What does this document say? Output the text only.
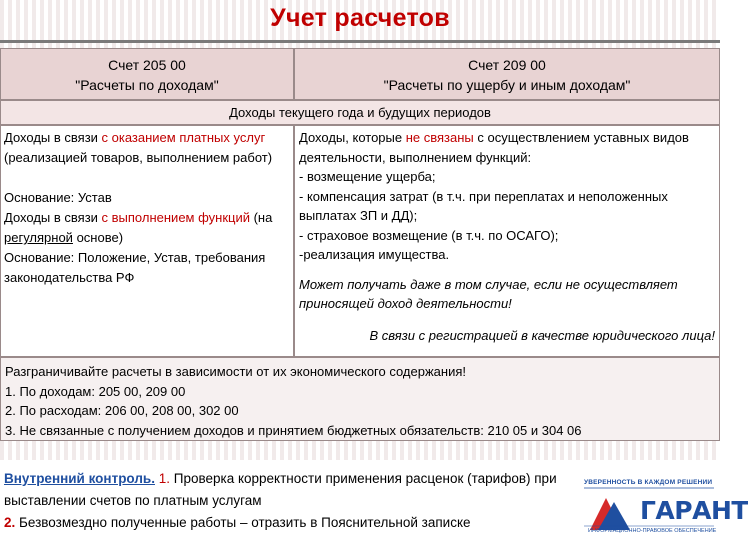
Учет расчетов
Счет 205 00
"Расчеты по доходам"
Счет 209 00
"Расчеты по ущербу и иным доходам"
Доходы текущего года и будущих периодов
Доходы в связи с оказанием платных услуг (реализацией товаров, выполнением работ)
Основание: Устав
Доходы в связи с выполнением функций (на регулярной основе)
Основание: Положение, Устав, требования законодательства РФ
Доходы, которые не связаны с осуществлением уставных видов деятельности, выполнением функций:
- возмещение ущерба;
- компенсация затрат (в т.ч. при переплатах и неположенных выплатах ЗП и ДД);
- страховое возмещение (в т.ч. по ОСАГО);
-реализация имущества.
Может получать даже в том случае, если не осуществляет приносящей доход деятельности!
В связи с регистрацией в качестве юридического лица!
Разграничивайте расчеты в зависимости от их экономического содержания!
1. По доходам: 205 00, 209 00
2. По расходам: 206 00, 208 00, 302 00
3. Не связанные с получением доходов и принятием бюджетных обязательств: 210 05 и 304 06
Внутренний контроль. 1. Проверка корректности применения расценок (тарифов) при выставлении счетов по платным услугам
2. Безвозмездно полученные работы – отразить в Пояснительной записке
УВЕРЕННОСТЬ В КАЖДОМ РЕШЕНИИ
ГАРАНТ
ИНФОРМАЦИОННО-ПРАВОВОЕ ОБЕСПЕЧЕНИЕ
